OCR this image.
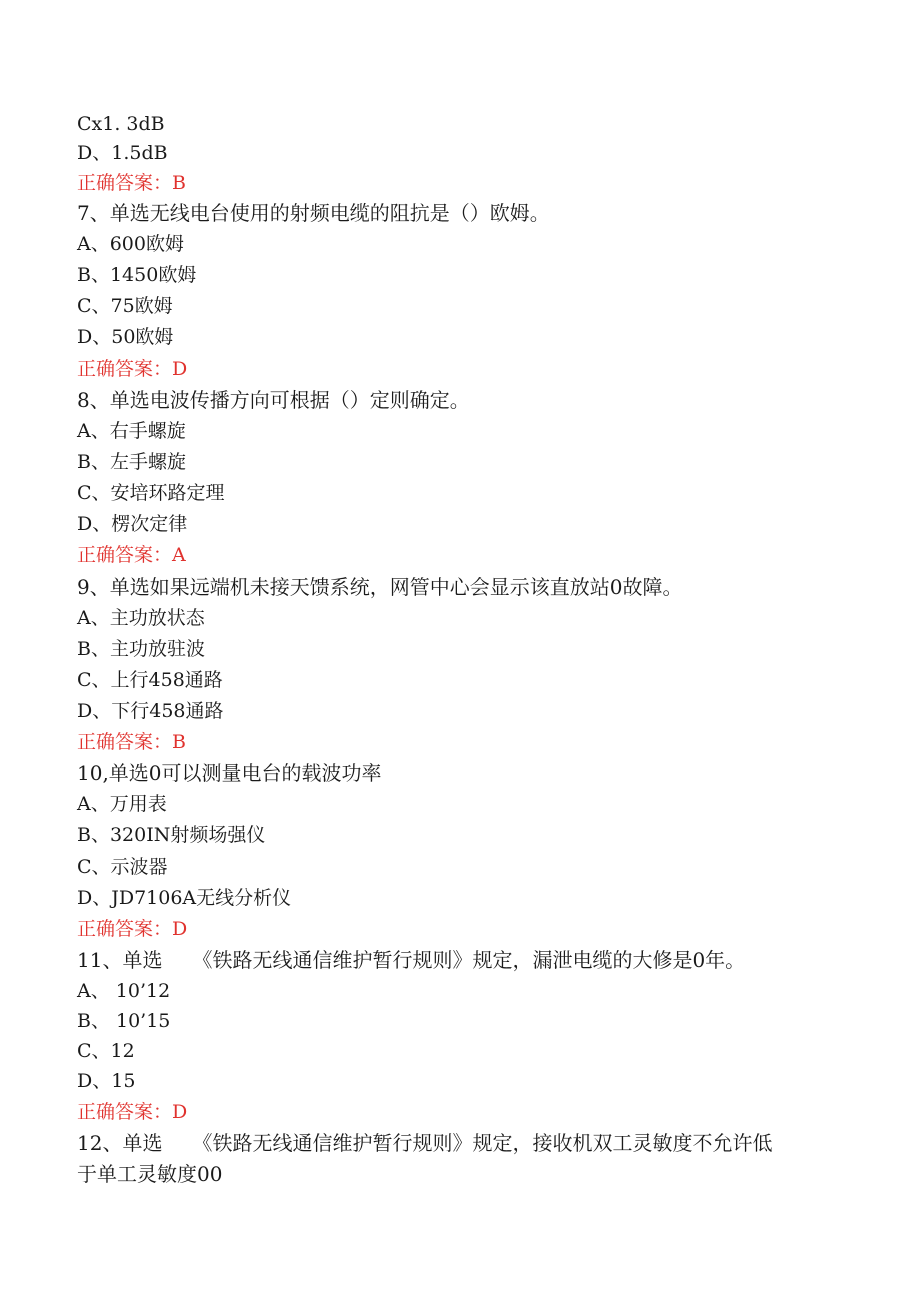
Cx1. 3dB
D、1.5dB
正确答案：B
7、单选无线电台使用的射频电缆的阻抗是（）欧姆。
A、600欧姆
B、1450欧姆
C、75欧姆
D、50欧姆
正确答案：D
8、单选电波传播方向可根据（）定则确定。
A、右手螺旋
B、左手螺旋
C、安培环路定理
D、楞次定律
正确答案：A
9、单选如果远端机未接天馈系统，网管中心会显示该直放站0故障。
A、主功放状态
B、主功放驻波
C、上行458通路
D、下行458通路
正确答案：B
10,单选0可以测量电台的载波功率
A、万用表
B、320IN射频场强仪
C、示波器
D、JD7106A无线分析仪
正确答案：D
11、单选　　《铁路无线通信维护暂行规则》规定，漏泄电缆的大修是0年。
A、 10’12
B、 10’15
C、12
D、15
正确答案：D
12、单选　　《铁路无线通信维护暂行规则》规定，接收机双工灵敏度不允许低
于单工灵敏度00
